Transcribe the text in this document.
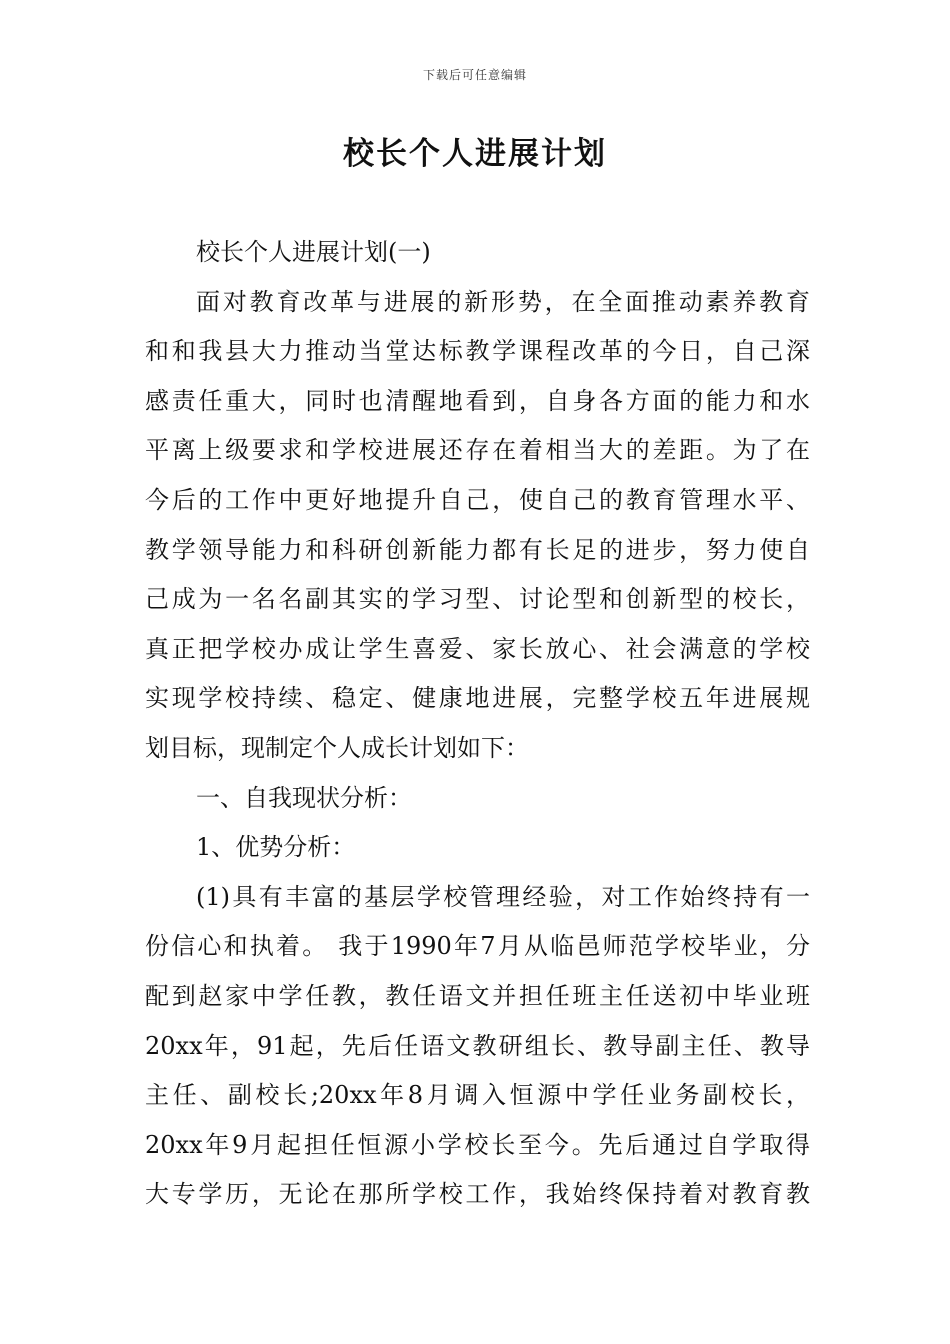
下载后可任意编辑
校长个人进展计划
校长个人进展计划(一)
面对教育改革与进展的新形势，在全面推动素养教育
和和我县大力推动当堂达标教学课程改革的今日，自己深
感责任重大，同时也清醒地看到，自身各方面的能力和水
平离上级要求和学校进展还存在着相当大的差距。为了在
今后的工作中更好地提升自己，使自己的教育管理水平、
教学领导能力和科研创新能力都有长足的进步，努力使自
己成为一名名副其实的学习型、讨论型和创新型的校长，
真正把学校办成让学生喜爱、家长放心、社会满意的学校
实现学校持续、稳定、健康地进展，完整学校五年进展规
划目标，现制定个人成长计划如下：
一、自我现状分析：
1、优势分析：
(1)具有丰富的基层学校管理经验，对工作始终持有一
份信心和执着。 我于1990年7月从临邑师范学校毕业，分
配到赵家中学任教，教任语文并担任班主任送初中毕业班
20xx年，91起，先后任语文教研组长、教导副主任、教导
主任、副校长;20xx年8月调入恒源中学任业务副校长，
20xx年9月起担任恒源小学校长至今。先后通过自学取得
大专学历，无论在那所学校工作，我始终保持着对教育教
